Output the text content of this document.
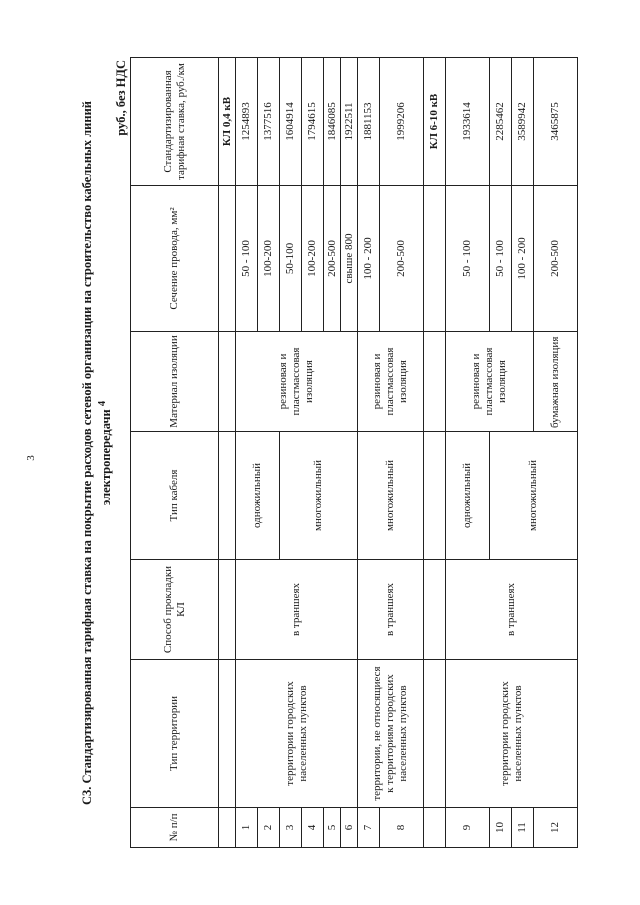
3	С3. Стандартизированная тарифная ставка на покрытие расходов сетевой организации на строительство кабельных линий электропередачи $^4$
руб., без НДС
№ п/п	Тип территории	Способ прокладки КЛ	Тип кабеля	Материал изоляции	Сечение провода, мм²	Стандартизированная тарифная ставка, руб./км
						КЛ 0,4 кВ
1	территории городских населенных пунктов	в траншеях	одножильный	резиновая и пластмассовая изоляция	50 - 100	1254893
2					100-200	1377516
3			многожильный		50-100	1604914
4					100-200	1794615
5					200-500	1846085
6					свыше 800	1922511
7	территории, не относящиеся к территориям городских населенных пунктов	в траншеях	многожильный	резиновая и пластмассовая изоляция	100 - 200	1881153
8					200-500	1999206
						КЛ 6-10 кВ
9	территории городских населенных пунктов	в траншеях	одножильный	резиновая и пластмассовая изоляция	50 - 100	1933614
10			многожильный		50 - 100	2285462
11					100 - 200	3589942
12				бумажная изоляция	200-500	3465875
